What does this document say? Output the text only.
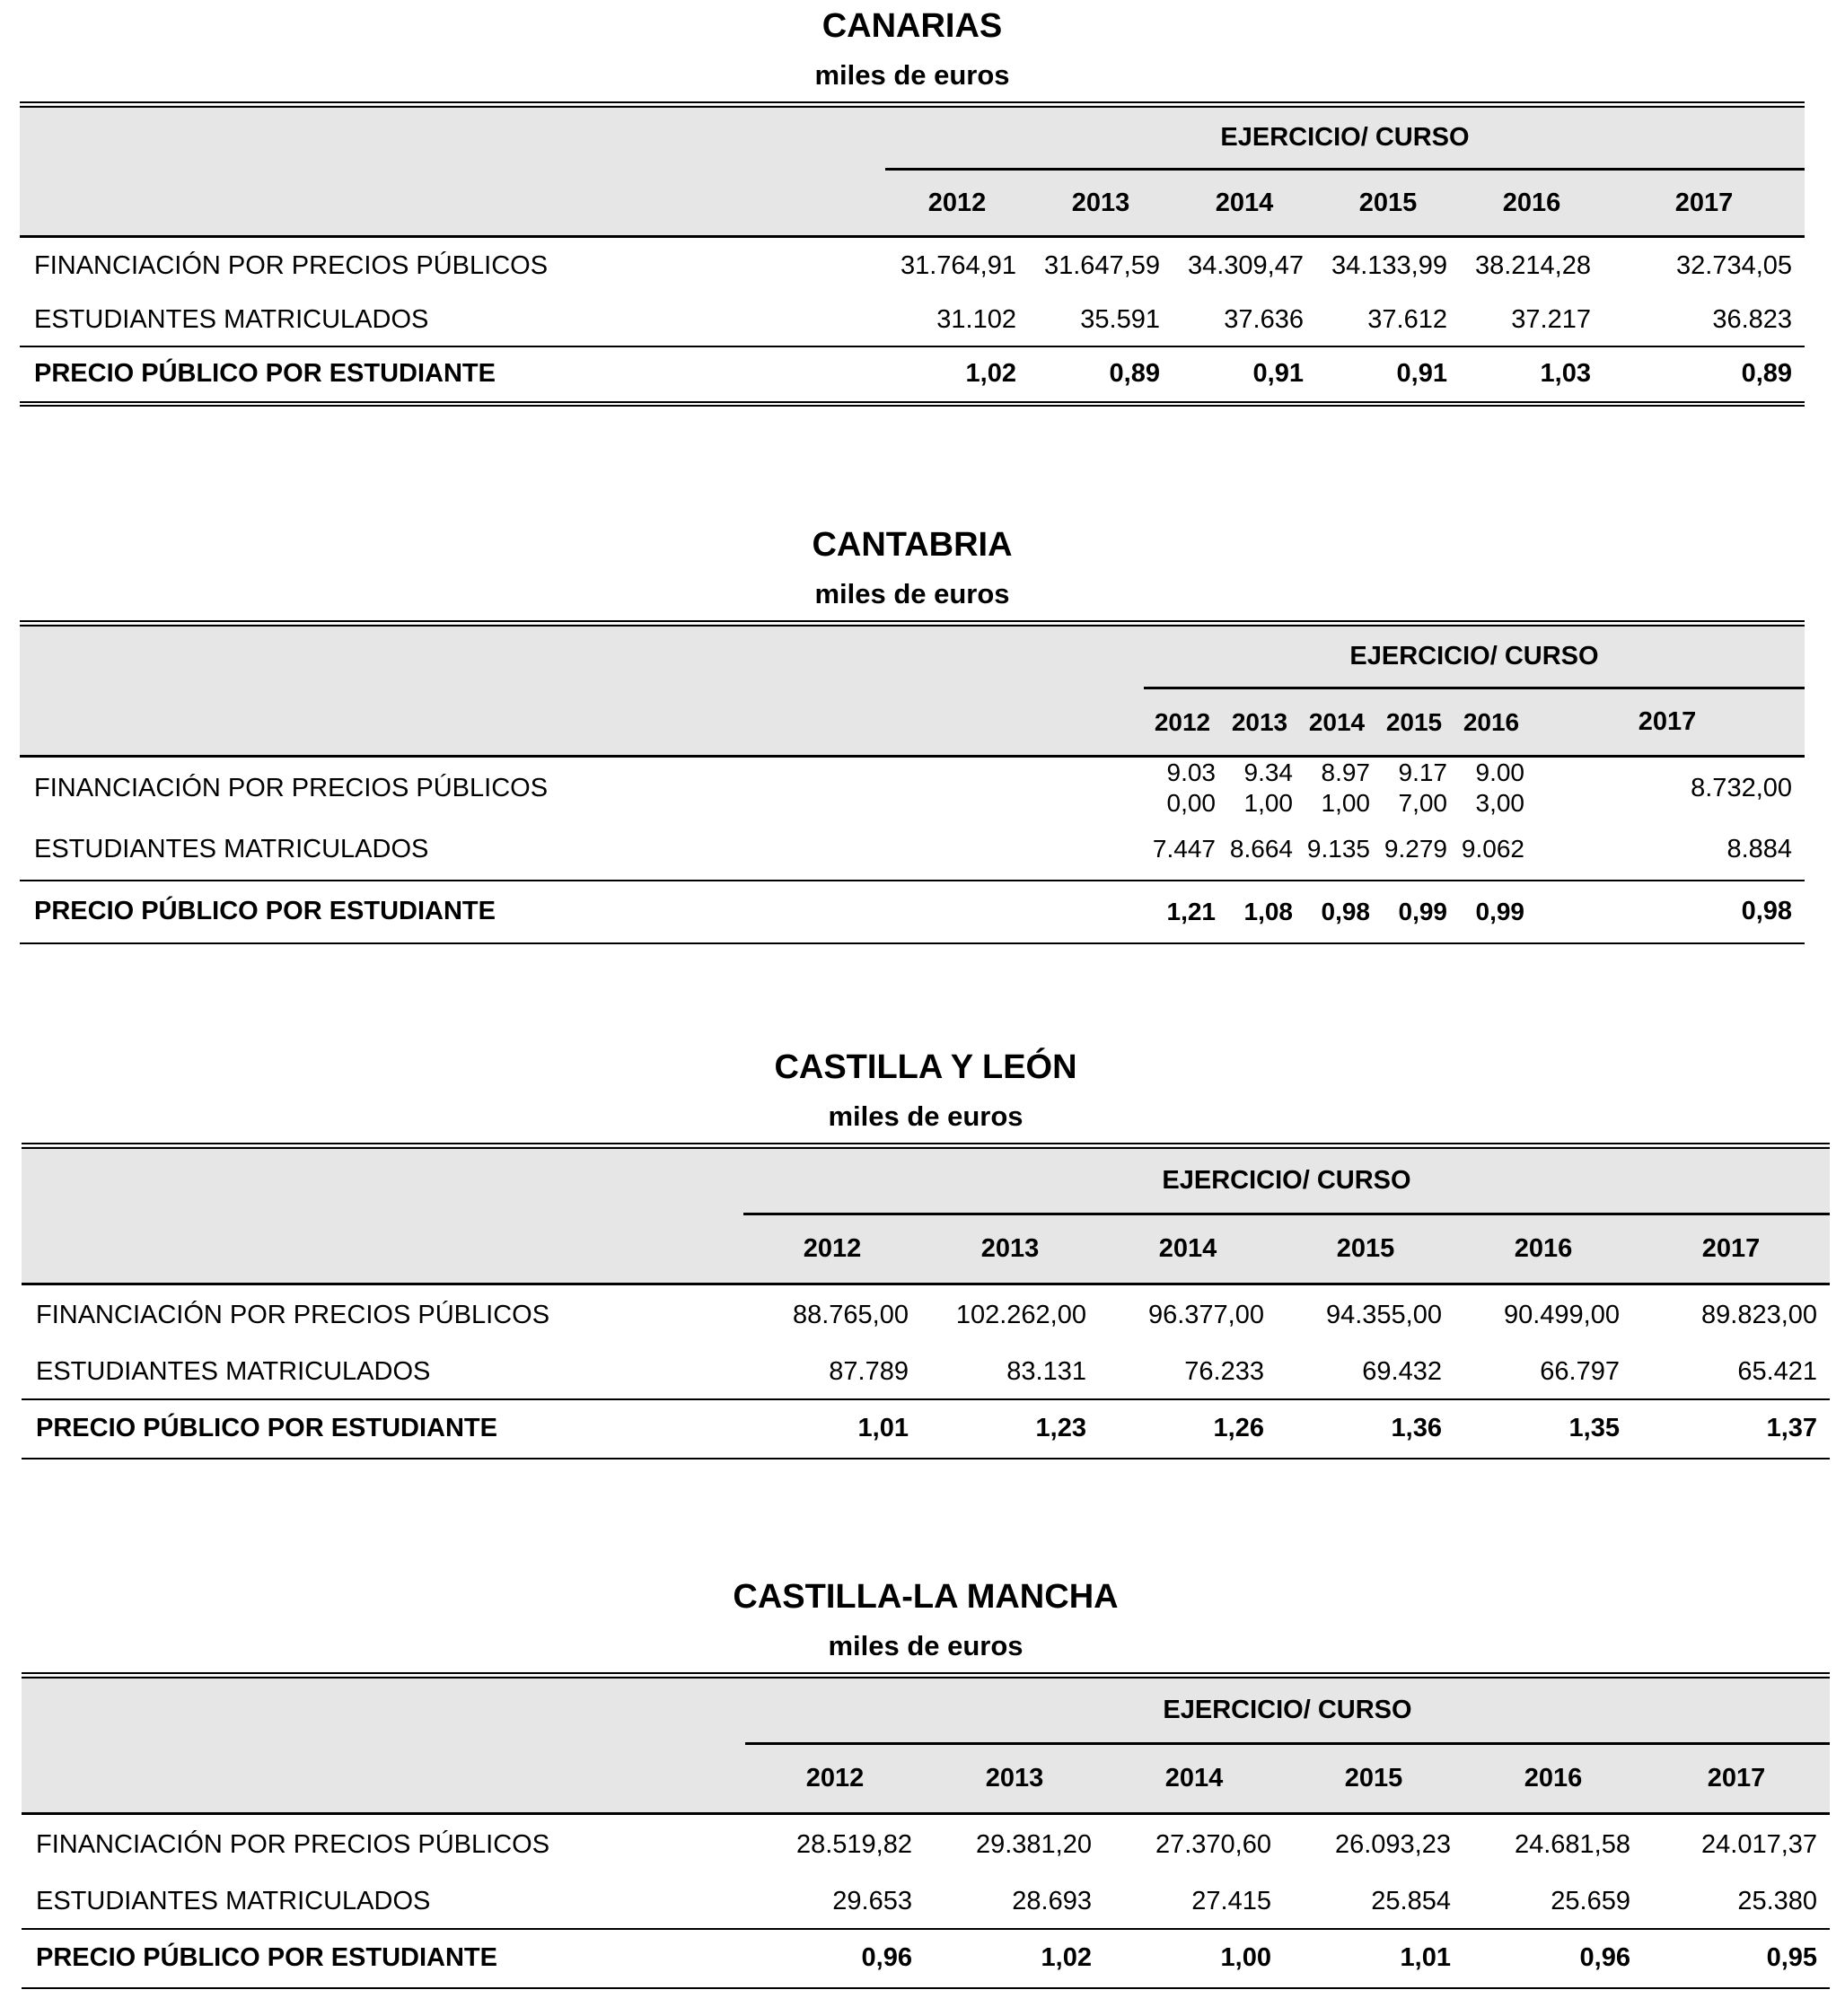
CANARIAS
miles de euros
	EJERCICIO/ CURSO					
	2012	2013	2014	2015	2016	2017
FINANCIACIÓN POR PRECIOS PÚBLICOS	31.764,91	31.647,59	34.309,47	34.133,99	38.214,28	32.734,05
ESTUDIANTES MATRICULADOS	31.102	35.591	37.636	37.612	37.217	36.823
PRECIO PÚBLICO POR ESTUDIANTE	1,02	0,89	0,91	0,91	1,03	0,89
CANTABRIA
miles de euros
	EJERCICIO/ CURSO					
	2012	2013	2014	2015	2016	2017
FINANCIACIÓN POR PRECIOS PÚBLICOS	9.030,00	9.341,00	8.971,00	9.177,00	9.003,00	8.732,00
ESTUDIANTES MATRICULADOS	7.447	8.664	9.135	9.279	9.062	8.884
PRECIO PÚBLICO POR ESTUDIANTE	1,21	1,08	0,98	0,99	0,99	0,98
CASTILLA Y LEÓN
miles de euros
	EJERCICIO/ CURSO					
	2012	2013	2014	2015	2016	2017
FINANCIACIÓN POR PRECIOS PÚBLICOS	88.765,00	102.262,00	96.377,00	94.355,00	90.499,00	89.823,00
ESTUDIANTES MATRICULADOS	87.789	83.131	76.233	69.432	66.797	65.421
PRECIO PÚBLICO POR ESTUDIANTE	1,01	1,23	1,26	1,36	1,35	1,37
CASTILLA-LA MANCHA
miles de euros
	EJERCICIO/ CURSO					
	2012	2013	2014	2015	2016	2017
FINANCIACIÓN POR PRECIOS PÚBLICOS	28.519,82	29.381,20	27.370,60	26.093,23	24.681,58	24.017,37
ESTUDIANTES MATRICULADOS	29.653	28.693	27.415	25.854	25.659	25.380
PRECIO PÚBLICO POR ESTUDIANTE	0,96	1,02	1,00	1,01	0,96	0,95
